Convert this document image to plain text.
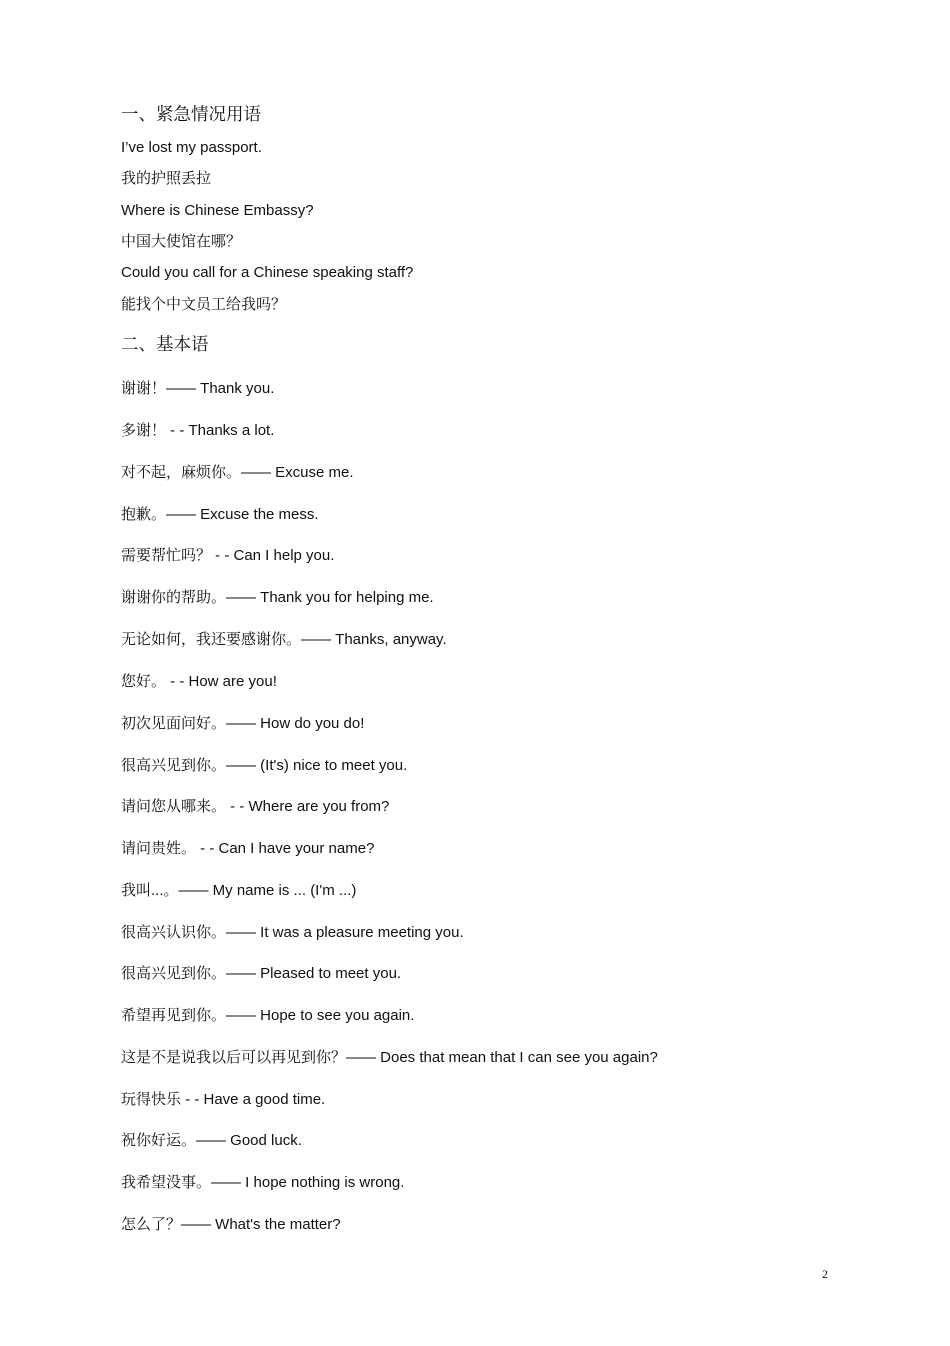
一、紧急情况用语
I’ve lost my passport.
我的护照丢拉
Where is Chinese Embassy?
中国大使馆在哪？
Could you call for a Chinese speaking staff?
能找个中文员工给我吗？
二、基本语
谢谢！—— Thank you.
多谢！ - - Thanks a lot.
对不起，麻烦你。—— Excuse me.
抱歉。—— Excuse the mess.
需要帮忙吗？ - - Can I help you.
谢谢你的帮助。—— Thank you for helping me.
无论如何，我还要感谢你。—— Thanks, anyway.
您好。 - - How are you!
初次见面问好。—— How do you do!
很高兴见到你。—— (It's) nice to meet you.
请问您从哪来。 - - Where are you from?
请问贵姓。 - - Can I have your name?
我叫...。—— My name is ... (I'm ...)
很高兴认识你。—— It was a pleasure meeting you.
很高兴见到你。—— Pleased to meet you.
希望再见到你。—— Hope to see you again.
这是不是说我以后可以再见到你？—— Does that mean that I can see you again?
玩得快乐 - - Have a good time.
祝你好运。—— Good luck.
我希望没事。—— I hope nothing is wrong.
怎么了？—— What's the matter?
2
